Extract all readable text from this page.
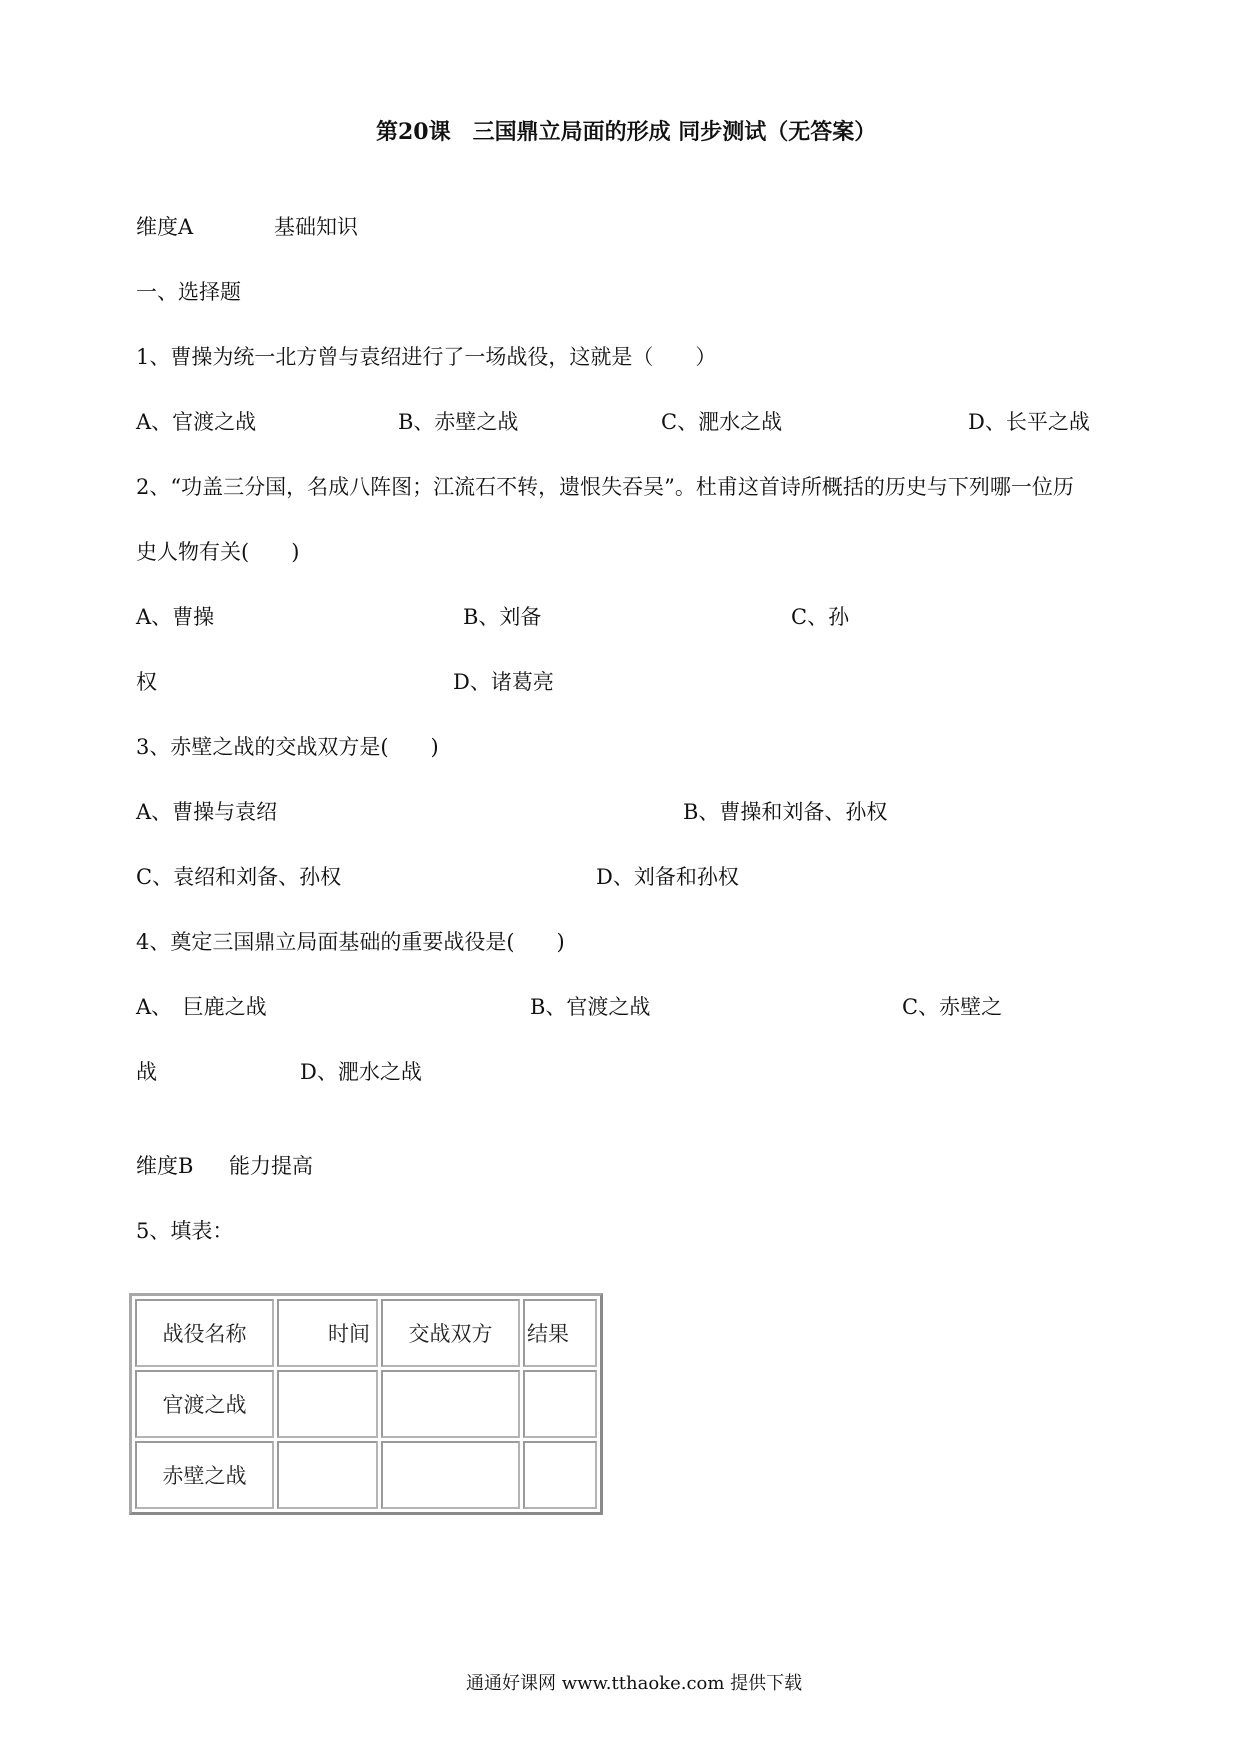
第20课　三国鼎立局面的形成 同步测试（无答案）
维度A	基础知识
一、选择题
1、曹操为统一北方曾与袁绍进行了一场战役，这就是（　　）
A、官渡之战	B、赤壁之战	C、淝水之战	D、长平之战
2、“功盖三分国，名成八阵图；江流石不转，遗恨失吞吴”。杜甫这首诗所概括的历史与下列哪一位历
史人物有关(　　)
A、曹操	B、刘备	C、孙
权	D、诸葛亮
3、赤壁之战的交战双方是(　　)
A、曹操与袁绍	B、曹操和刘备、孙权
C、袁绍和刘备、孙权	D、刘备和孙权
4、奠定三国鼎立局面基础的重要战役是(　　)
A、　巨鹿之战	B、官渡之战	C、赤壁之
战	D、淝水之战
维度B 能力提高
5、填表：
战役名称	时间	交战双方	结果
官渡之战			
赤壁之战			
通通好课网 www.tthaoke.com 提供下载
